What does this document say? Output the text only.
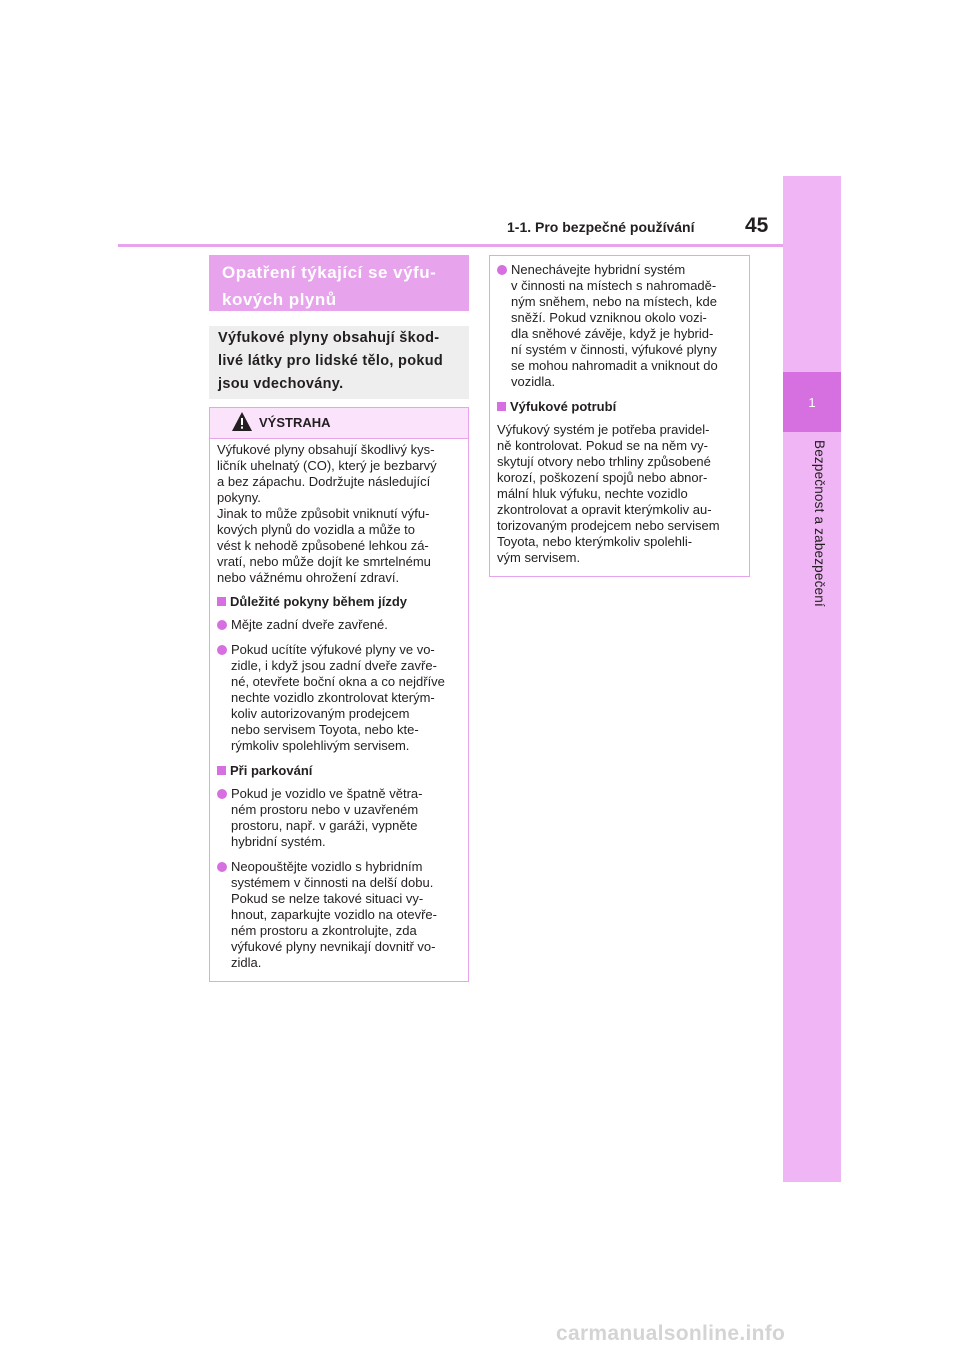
1
Bezpečnost a zabezpečení
1-1. Pro bezpečné používání 45
Opatření týkající se výfu-
kových plynů
Výfukové plyny obsahují škod-
livé látky pro lidské tělo, pokud
jsou vdechovány.
VÝSTRAHA
Výfukové plyny obsahují škodlivý kys-
ličník uhelnatý (CO), který je bezbarvý
a bez zápachu. Dodržujte následující
pokyny.
Jinak to může způsobit vniknutí výfu-
kových plynů do vozidla a může to
vést k nehodě způsobené lehkou zá-
vratí, nebo může dojít ke smrtelnému
nebo vážnému ohrožení zdraví.
Důležité pokyny během jízdy
Mějte zadní dveře zavřené.
Pokud ucítíte výfukové plyny ve vo-
zidle, i když jsou zadní dveře zavře-
né, otevřete boční okna a co nejdříve
nechte vozidlo zkontrolovat kterým-
koliv autorizovaným prodejcem
nebo servisem Toyota, nebo kte-
rýmkoliv spolehlivým servisem.
Při parkování
Pokud je vozidlo ve špatně větra-
ném prostoru nebo v uzavřeném
prostoru, např. v garáži, vypněte
hybridní systém.
Neopouštějte vozidlo s hybridním
systémem v činnosti na delší dobu.
Pokud se nelze takové situaci vy-
hnout, zaparkujte vozidlo na otevře-
ném prostoru a zkontrolujte, zda
výfukové plyny nevnikají dovnitř vo-
zidla.
Nenechávejte hybridní systém
v činnosti na místech s nahromadě-
ným sněhem, nebo na místech, kde
sněží. Pokud vzniknou okolo vozi-
dla sněhové závěje, když je hybrid-
ní systém v činnosti, výfukové plyny
se mohou nahromadit a vniknout do
vozidla.
Výfukové potrubí
Výfukový systém je potřeba pravidel-
ně kontrolovat. Pokud se na něm vy-
skytují otvory nebo trhliny způsobené
korozí, poškození spojů nebo abnor-
mální hluk výfuku, nechte vozidlo
zkontrolovat a opravit kterýmkoliv au-
torizovaným prodejcem nebo servisem
Toyota, nebo kterýmkoliv spolehli-
vým servisem.
carmanualsonline.info
